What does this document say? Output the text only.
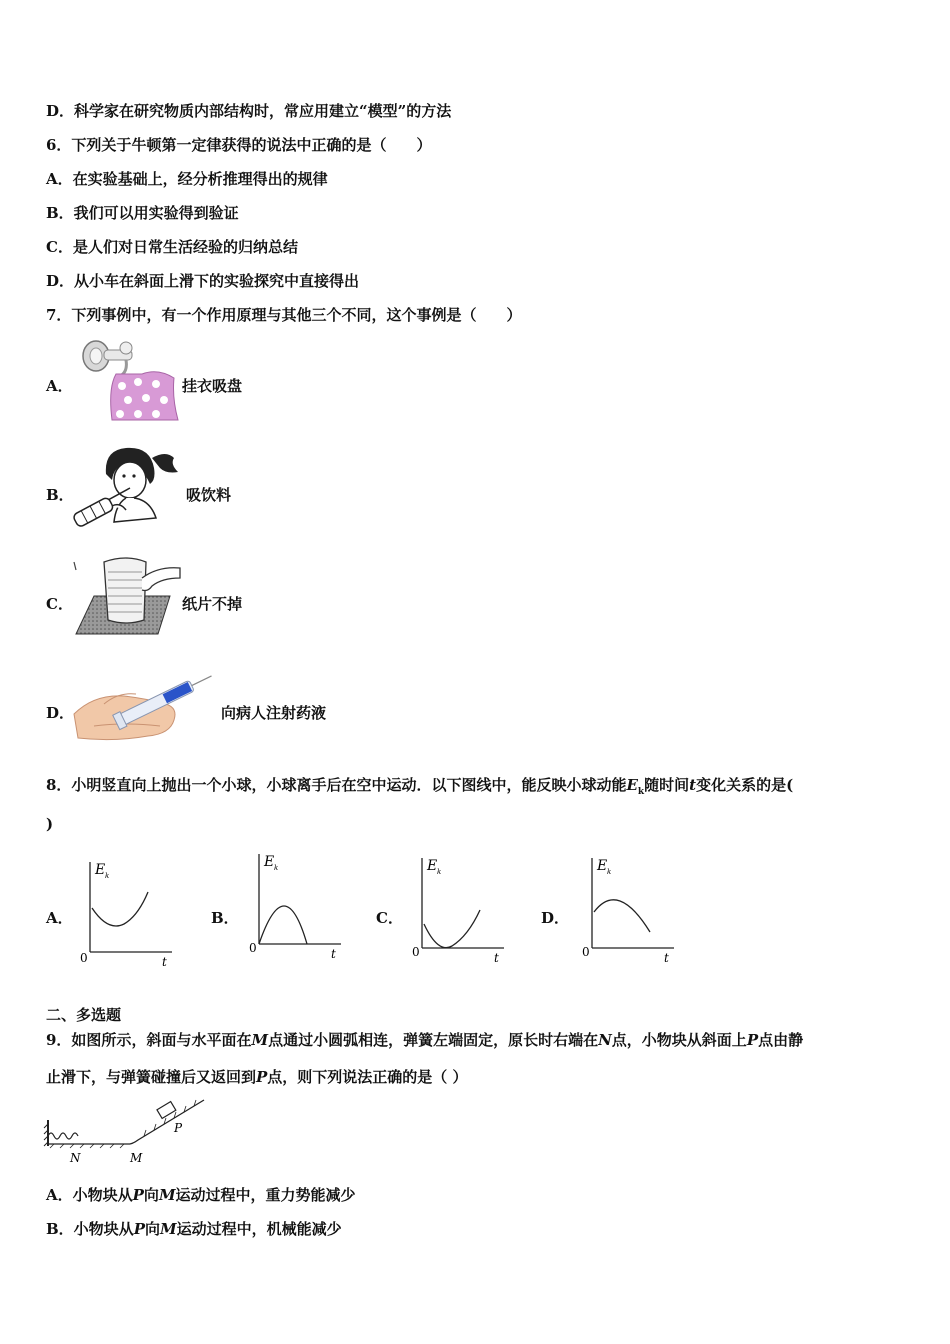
D．科学家在研究物质内部结构时，常应用建立“模型”的方法
6．下列关于牛顿第一定律获得的说法中正确的是（　　）
A．在实验基础上，经分析推理得出的规律
B．我们可以用实验得到验证
C．是人们对日常生活经验的归纳总结
D．从小车在斜面上滑下的实验探究中直接得出
7．下列事例中，有一个作用原理与其他三个不同，这个事例是（　　）
A．	挂衣吸盘
B．	吸饮料
C．	纸片不掉
D．	向病人注射药液
8．小明竖直向上抛出一个小球，小球离手后在空中运动．以下图线中，能反映小球动能$E_k$随时间t变化关系的是(
)
A．
E k
0	t
B．
E k
0	t
C．
E k
0	t
D．
E k
0	t
二、多选题
9．如图所示，斜面与水平面在M点通过小圆弧相连，弹簧左端固定，原长时右端在N点，小物块从斜面上P点由静
止滑下，与弹簧碰撞后又返回到P点，则下列说法正确的是（ ）
P
N	M
A．小物块从P向M运动过程中，重力势能减少
B．小物块从P向M运动过程中，机械能减少
